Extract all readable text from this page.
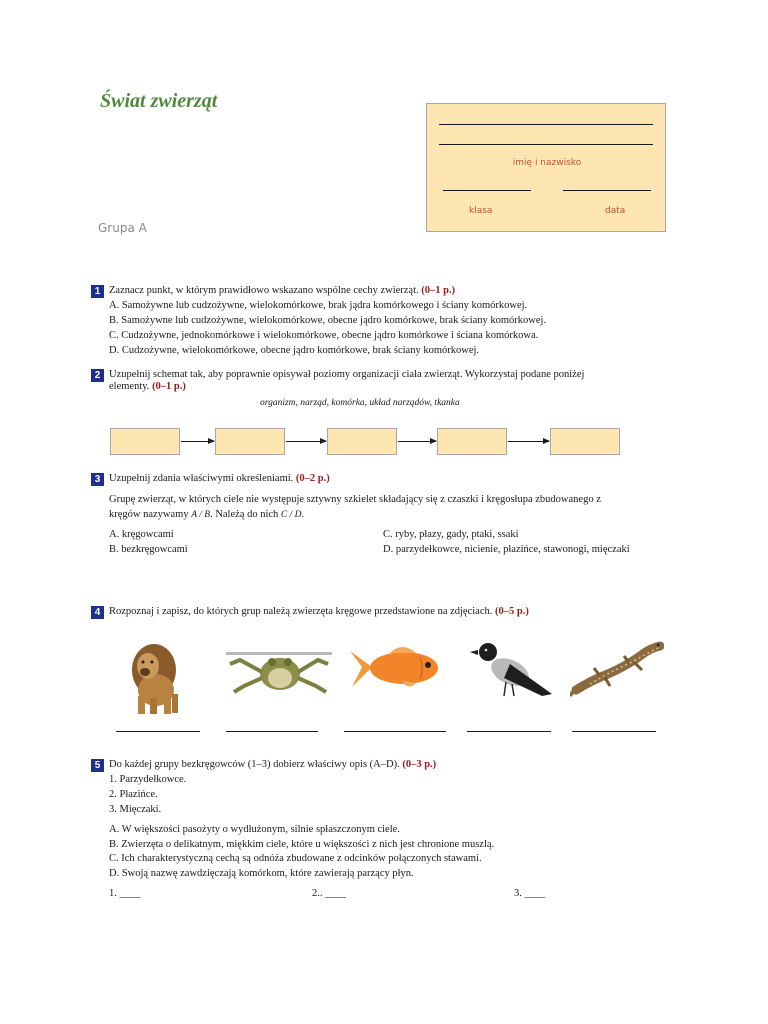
Świat zwierząt
Grupa A
imię i nazwisko
klasa	data
1 Zaznacz punkt, w którym prawidłowo wskazano wspólne cechy zwierząt. (0–1 p.)
A. Samożywne lub cudzożywne, wielokomórkowe, brak jądra komórkowego i ściany komórkowej.
B. Samożywne lub cudzożywne, wielokomórkowe, obecne jądro komórkowe, brak ściany komórkowej.
C. Cudzożywne, jednokomórkowe i wielokomórkowe, obecne jądro komórkowe i ściana komórkowa.
D. Cudzożywne, wielokomórkowe, obecne jądro komórkowe, brak ściany komórkowej.
2 Uzupełnij schemat tak, aby poprawnie opisywał poziomy organizacji ciała zwierząt. Wykorzystaj podane poniżej
elementy. (0–1 p.)
organizm, narząd, komórka, układ narządów, tkanka
3 Uzupełnij zdania właściwymi określeniami. (0–2 p.)
Grupę zwierząt, w których ciele nie występuje sztywny szkielet składający się z czaszki i kręgosłupa zbudowanego z
kręgów nazywamy A / B. Należą do nich C / D.
A. kręgowcami
B. bezkręgowcami
C. ryby, płazy, gady, ptaki, ssaki
D. parzydełkowce, nicienie, płazińce, stawonogi, mięczaki
4 Rozpoznaj i zapisz, do których grup należą zwierzęta kręgowe przedstawione na zdjęciach. (0–5 p.)
5 Do każdej grupy bezkręgowców (1–3) dobierz właściwy opis (A–D). (0–3 p.)
1. Parzydełkowce.
2. Płazińce.
3. Mięczaki.
A. W większości pasożyty o wydłużonym, silnie spłaszczonym ciele.
B. Zwierzęta o delikatnym, miękkim ciele, które u większości z nich jest chronione muszlą.
C. Ich charakterystyczną cechą są odnóża zbudowane z odcinków połączonych stawami.
D. Swoją nazwę zawdzięczają komórkom, które zawierają parzący płyn.
1. ____	2.. ____	3. ____
